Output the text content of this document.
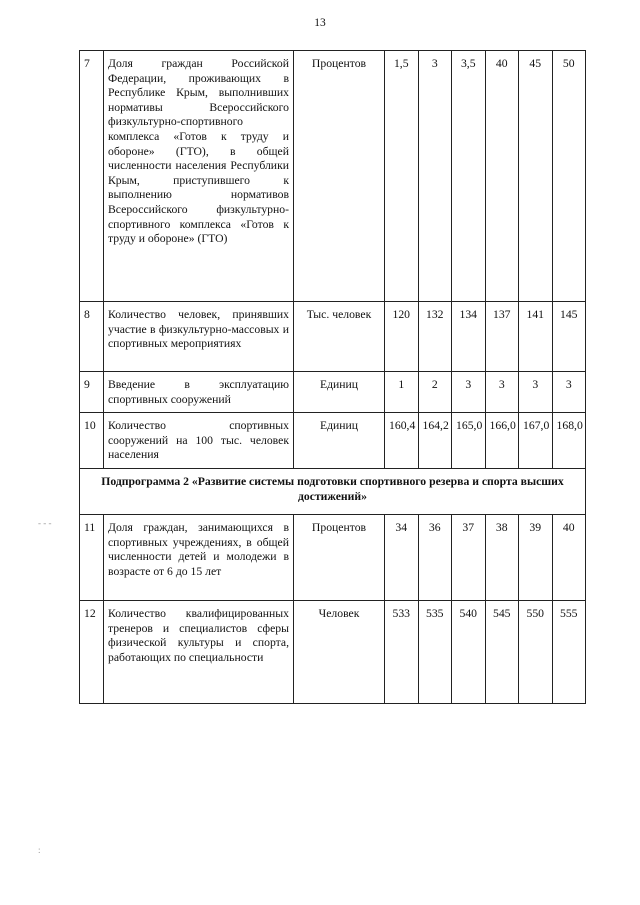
13
7	Доля граждан Российской Федерации, проживающих в Республике Крым, выполнивших нормативы Всероссийского физкультурно-спортивного комплекса «Готов к труду и обороне» (ГТО), в общей численности населения Республики Крым, приступившего к выполнению нормативов Всероссийского физкультурно-спортивного комплекса «Готов к труду и обороне» (ГТО)	Процентов	1,5	3	3,5	40	45	50
8	Количество человек, принявших участие в физкультурно-массовых и спортивных мероприятиях	Тыс. человек	120	132	134	137	141	145
9	Введение в эксплуатацию спортивных сооружений	Единиц	1	2	3	3	3	3
10	Количество спортивных сооружений на 100 тыс. человек населения	Единиц	160,4	164,2	165,0	166,0	167,0	168,0
Подпрограмма 2 «Развитие системы подготовки спортивного резерва и спорта высших достижений»								
11	Доля граждан, занимающихся в спортивных учреждениях, в общей численности детей и молодежи в возрасте от 6 до 15 лет	Процентов	34	36	37	38	39	40
12	Количество квалифицированных тренеров и специалистов сферы физической культуры и спорта, работающих по специальности	Человек	533	535	540	545	550	555
- - -
:
